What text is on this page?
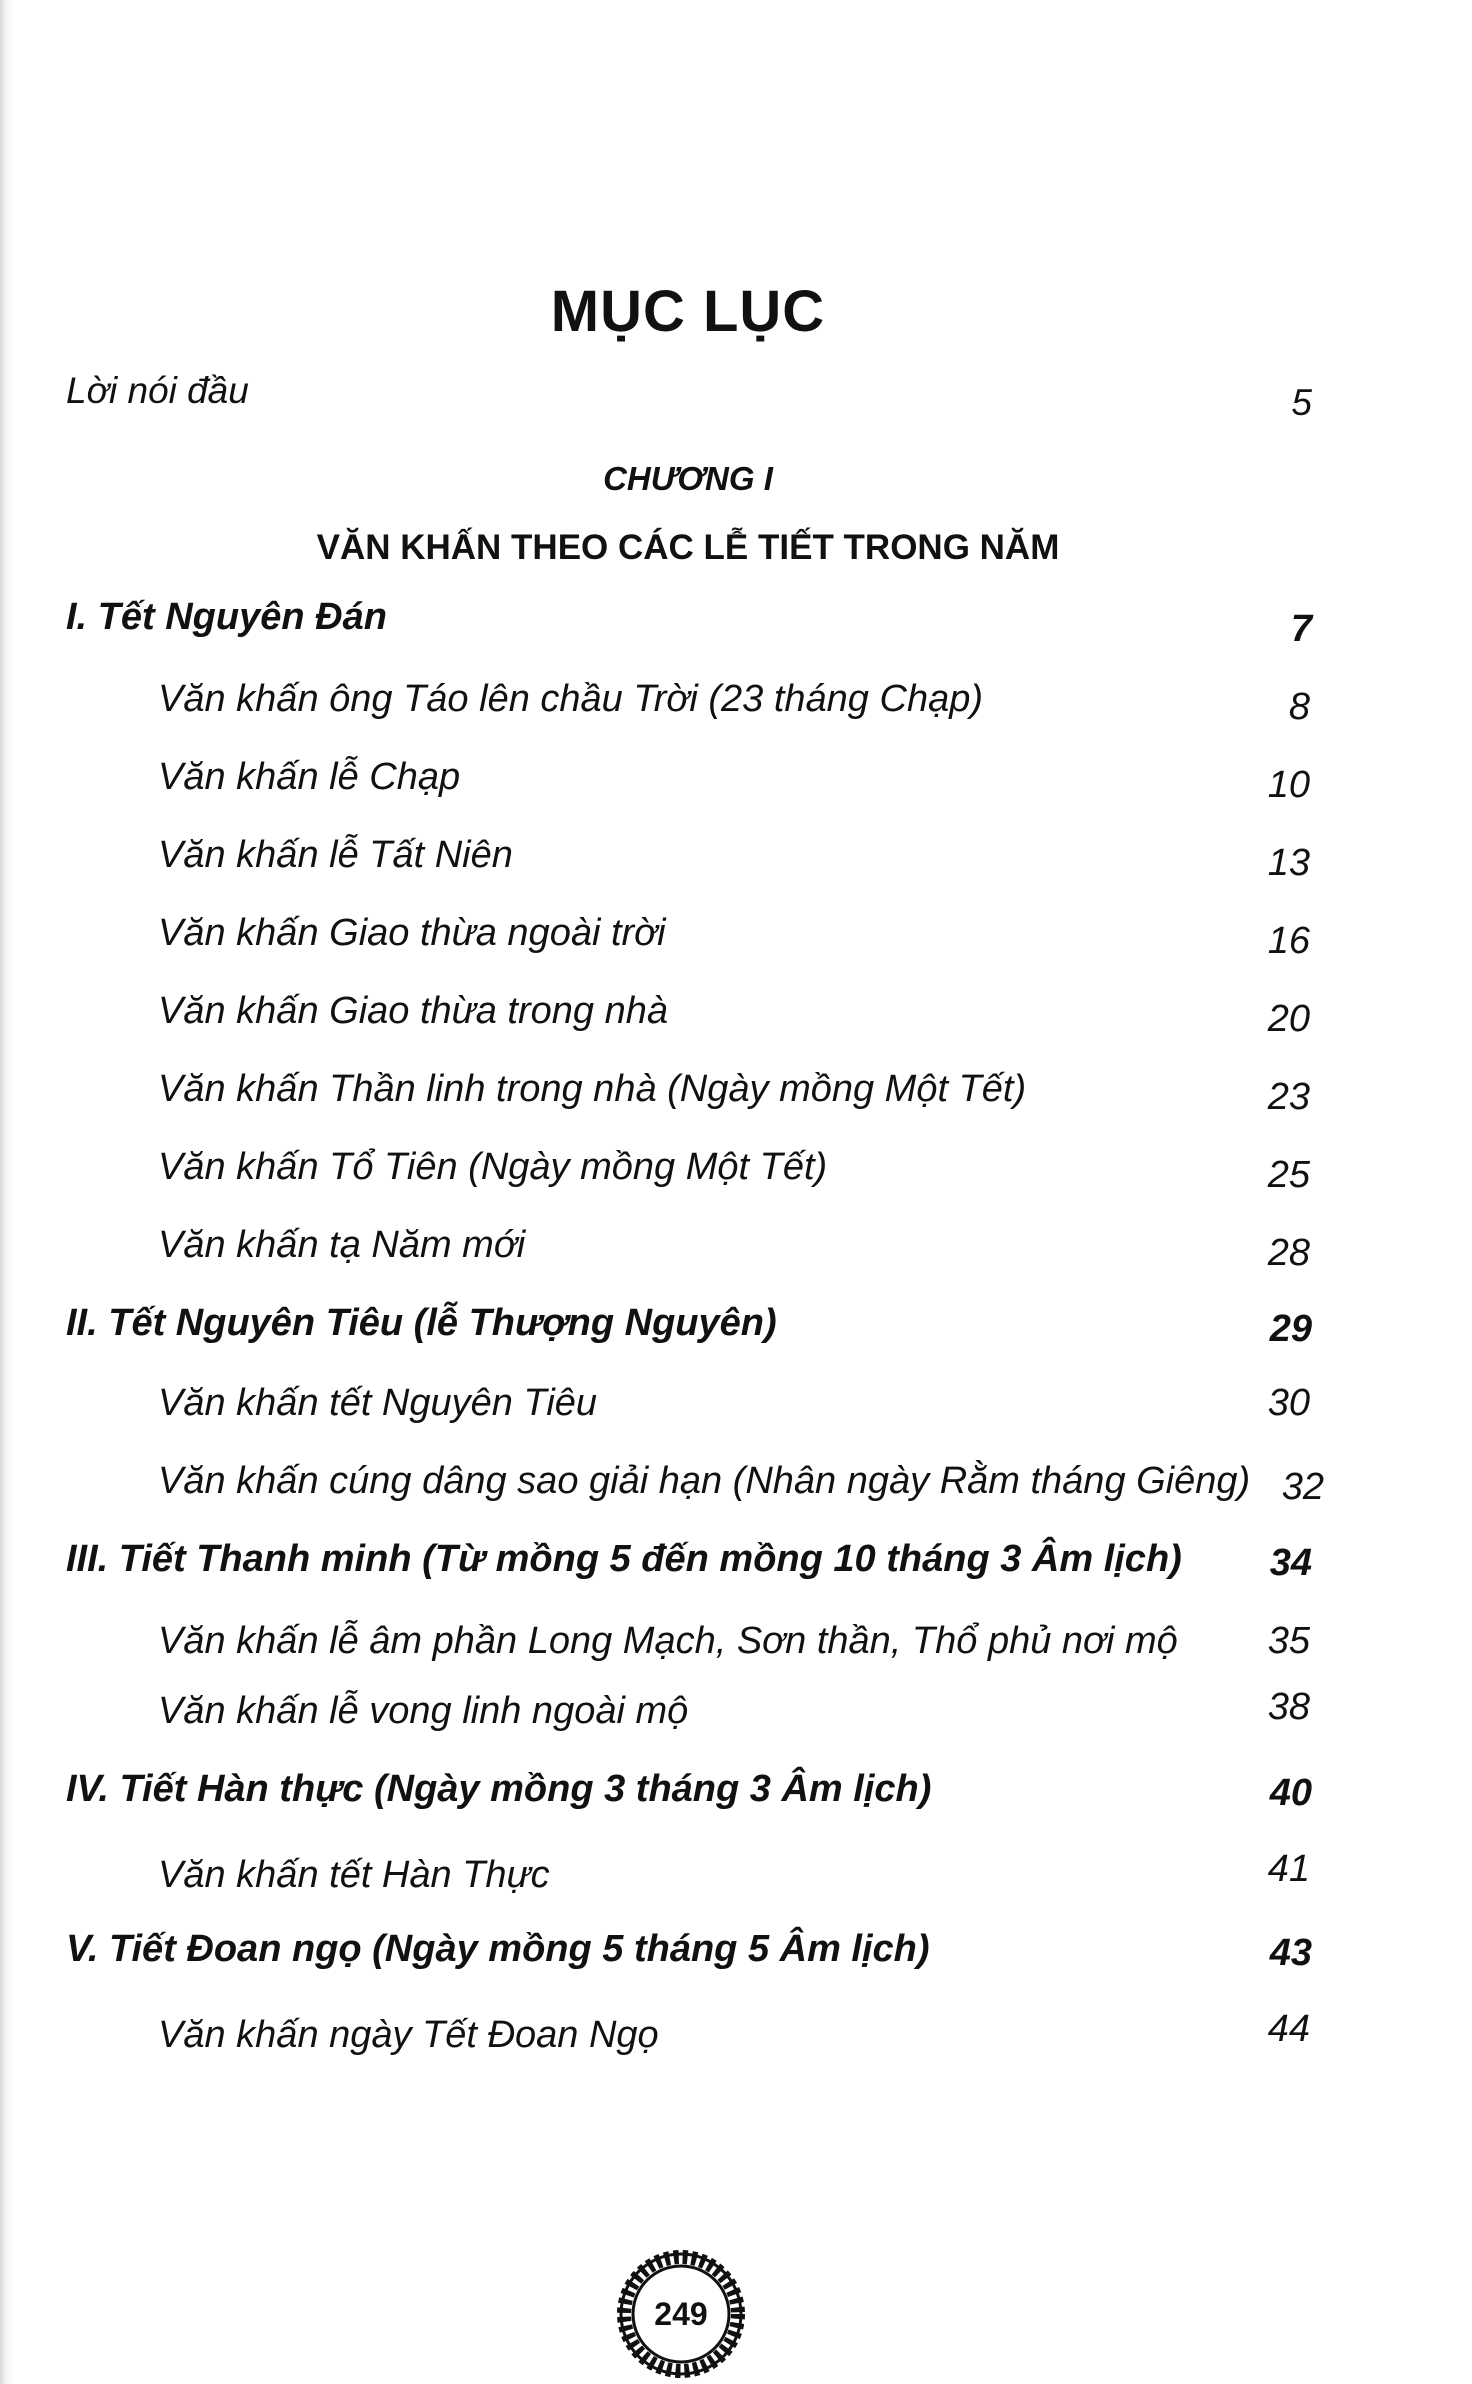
MỤC LỤC
Lời nói đầu	5
CHƯƠNG I
VĂN KHẤN THEO CÁC LỄ TIẾT TRONG NĂM
I. Tết Nguyên Đán	7
Văn khấn ông Táo lên chầu Trời (23 tháng Chạp)	8
Văn khấn lễ Chạp	10
Văn khấn lễ Tất Niên	13
Văn khấn Giao thừa ngoài trời	16
Văn khấn Giao thừa trong nhà	20
Văn khấn Thần linh trong nhà (Ngày mồng Một Tết)	23
Văn khấn Tổ Tiên (Ngày mồng Một Tết)	25
Văn khấn tạ Năm mới	28
II. Tết Nguyên Tiêu (lễ Thượng Nguyên)	29
Văn khấn tết Nguyên Tiêu	30
Văn khấn cúng dâng sao giải hạn (Nhân ngày Rằm tháng Giêng) 32
III. Tiết Thanh minh (Từ mồng 5 đến mồng 10 tháng 3 Âm lịch) 34
Văn khấn lễ âm phần Long Mạch, Sơn thần, Thổ phủ nơi mộ 35
Văn khấn lễ vong linh ngoài mộ	38
IV. Tiết Hàn thực (Ngày mồng 3 tháng 3 Âm lịch)	40
Văn khấn tết Hàn Thực	41
V. Tiết Đoan ngọ (Ngày mồng 5 tháng 5 Âm lịch)	43
Văn khấn ngày Tết Đoan Ngọ	44
249
